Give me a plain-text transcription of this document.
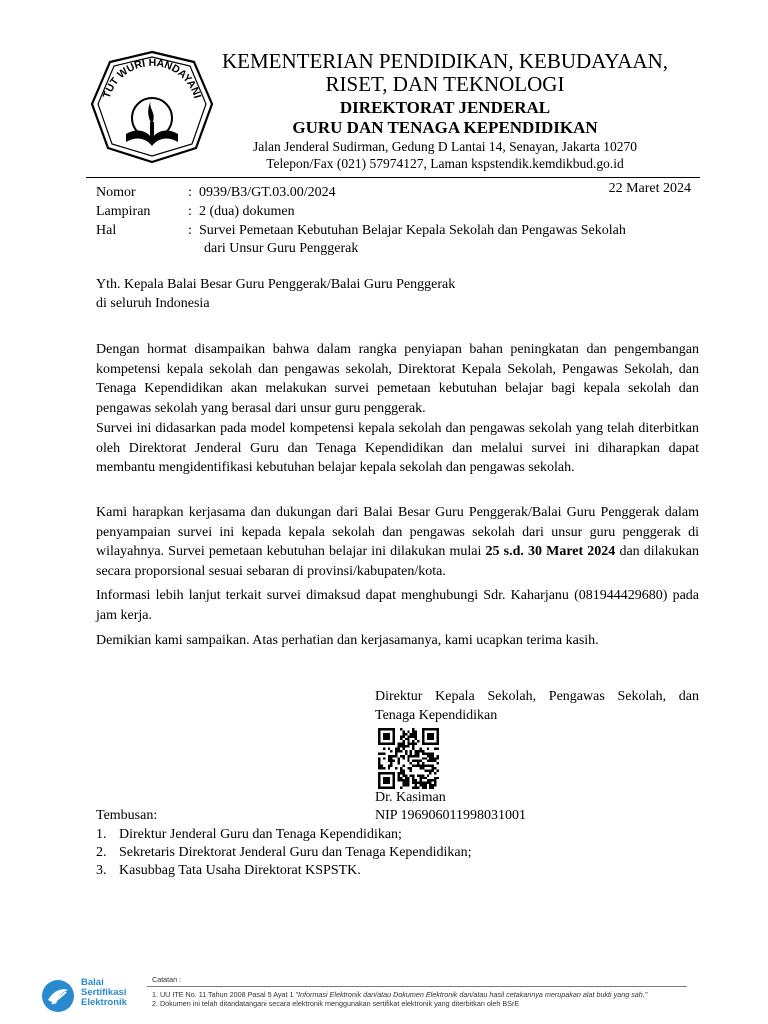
TUT WURI HANDAYANI
KEMENTERIAN PENDIDIKAN, KEBUDAYAAN,
RISET, DAN TEKNOLOGI
DIREKTORAT JENDERAL
GURU DAN TENAGA KEPENDIDIKAN
Jalan Jenderal Sudirman, Gedung D Lantai 14, Senayan, Jakarta 10270
Telepon/Fax (021) 57974127, Laman kspstendik.kemdikbud.go.id
22 Maret 2024
Nomor	: 0939/B3/GT.03.00/2024
Lampiran	: 2 (dua) dokumen
Hal	: Survei Pemetaan Kebutuhan Belajar Kepala Sekolah dan Pengawas Sekolah
dari Unsur Guru Penggerak
Yth. Kepala Balai Besar Guru Penggerak/Balai Guru Penggerak
di seluruh Indonesia

Dengan hormat disampaikan bahwa dalam rangka penyiapan bahan peningkatan dan pengembangan kompetensi kepala sekolah dan pengawas sekolah, Direktorat Kepala Sekolah, Pengawas Sekolah, dan Tenaga Kependidikan akan melakukan survei pemetaan kebutuhan belajar bagi kepala sekolah dan pengawas sekolah yang berasal dari unsur guru penggerak.

Survei ini didasarkan pada model kompetensi kepala sekolah dan pengawas sekolah yang telah diterbitkan oleh Direktorat Jenderal Guru dan Tenaga Kependidikan dan melalui survei ini diharapkan dapat membantu mengidentifikasi kebutuhan belajar kepala sekolah dan pengawas sekolah.

Kami harapkan kerjasama dan dukungan dari Balai Besar Guru Penggerak/Balai Guru Penggerak dalam penyampaian survei ini kepada kepala sekolah dan pengawas sekolah dari unsur guru penggerak di wilayahnya. Survei pemetaan kebutuhan belajar ini dilakukan mulai 25 s.d. 30 Maret 2024 dan dilakukan secara proporsional sesuai sebaran di provinsi/kabupaten/kota.

Informasi lebih lanjut terkait survei dimaksud dapat menghubungi Sdr. Kaharjanu (081944429680) pada jam kerja.

Demikian kami sampaikan. Atas perhatian dan kerjasamanya, kami ucapkan terima kasih.

Direktur Kepala Sekolah, Pengawas Sekolah, dan
Tenaga Kependidikan
Dr. Kasiman
NIP 196906011998031001
Tembusan:
1. Direktur Jenderal Guru dan Tenaga Kependidikan;
2. Sekretaris Direktorat Jenderal Guru dan Tenaga Kependidikan;
3. Kasubbag Tata Usaha Direktorat KSPSTK.
Balai
Sertifikasi
Elektronik
Catatan :
1. UU ITE No. 11 Tahun 2008 Pasal 5 Ayat 1 "Informasi Elektronik dan/atau Dokumen Elektronik dan/atau hasil cetakannya merupakan alat bukti yang sah."
2. Dokumen ini telah ditandatangani secara elektronik menggunakan sertifikat elektronik yang diterbitkan oleh BSrE
